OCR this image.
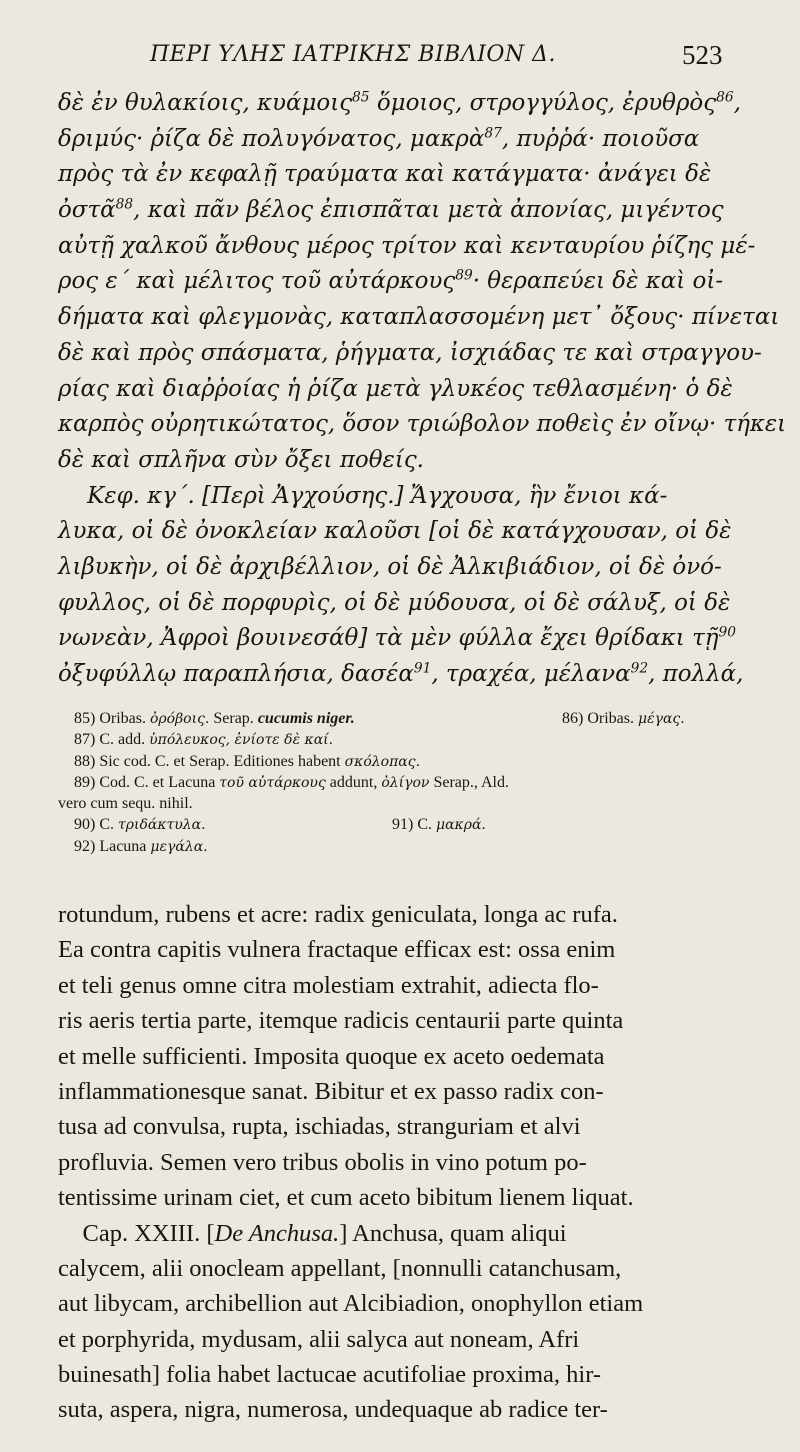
ΠΕΡΙ ΥΛΗΣ ΙΑΤΡΙΚΗΣ ΒΙΒΛΙΟΝ Δ.	523
δὲ ἐν θυλακίοις, κυάμοις$^{85}$ ὅμοιος, στρογγύλος, ἐρυθρὸς$^{86}$,
δριμύς· ῥίζα δὲ πολυγόνατος, μακρὰ$^{87}$, πυῤῥά· ποιοῦσα
πρὸς τὰ ἐν κεφαλῇ τραύματα καὶ κατάγματα· ἀνάγει δὲ
ὀστᾶ$^{88}$, καὶ πᾶν βέλος ἐπισπᾶται μετὰ ἀπονίας, μιγέντος
αὐτῇ χαλκοῦ ἄνθους μέρος τρίτον καὶ κενταυρίου ῥίζης μέ-
ρος ε´ καὶ μέλιτος τοῦ αὐτάρκους$^{89}$· θεραπεύει δὲ καὶ οἰ-
δήματα καὶ φλεγμονὰς, καταπλασσομένη μετ᾽ ὄξους· πίνεται
δὲ καὶ πρὸς σπάσματα, ῥήγματα, ἰσχιάδας τε καὶ στραγγου-
ρίας καὶ διαῤῥοίας ἡ ῥίζα μετὰ γλυκέος τεθλασμένη· ὁ δὲ
καρπὸς οὐρητικώτατος, ὅσον τριώβολον ποθεὶς ἐν οἴνῳ· τήκει
δὲ καὶ σπλῆνα σὺν ὄξει ποθείς.
Κεφ. κγ´. [Περὶ Ἀγχούσης.] Ἄγχουσα, ἣν ἔνιοι κά-
λυκα, οἱ δὲ ὀνοκλείαν καλοῦσι [οἱ δὲ κατάγχουσαν, οἱ δὲ
λιβυκὴν, οἱ δὲ ἀρχιβέλλιον, οἱ δὲ Ἀλκιβιάδιον, οἱ δὲ ὀνό-
φυλλος, οἱ δὲ πορφυρὶς, οἱ δὲ μύδουσα, οἱ δὲ σάλυξ, οἱ δὲ
νωνεὰν, Ἀφροὶ βουινεσάθ] τὰ μὲν φύλλα ἔχει θρίδακι τῇ$^{90}$
ὀξυφύλλῳ παραπλήσια, δασέα$^{91}$, τραχέα, μέλανα$^{92}$, πολλά,
85) Oribas. ὀρόβοις. Serap. cucumis niger.	86) Oribas. μέγας.
87) C. add. ὑπόλευκος, ἐνίοτε δὲ καί.
88) Sic cod. C. et Serap. Editiones habent σκόλοπας.
89) Cod. C. et Lacuna τοῦ αὐτάρκους addunt, ὀλίγον Serap., Ald.
vero cum sequ. nihil.
90) C. τριδάκτυλα.	91) C. μακρά.
92) Lacuna μεγάλα.
rotundum, rubens et acre: radix geniculata, longa ac rufa.
Ea contra capitis vulnera fractaque efficax est: ossa enim
et teli genus omne citra molestiam extrahit, adiecta flo-
ris aeris tertia parte, itemque radicis centaurii parte quinta
et melle sufficienti. Imposita quoque ex aceto oedemata
inflammationesque sanat. Bibitur et ex passo radix con-
tusa ad convulsa, rupta, ischiadas, stranguriam et alvi
profluvia. Semen vero tribus obolis in vino potum po-
tentissime urinam ciet, et cum aceto bibitum lienem liquat.
Cap. XXIII. [De Anchusa.] Anchusa, quam aliqui
calycem, alii onocleam appellant, [nonnulli catanchusam,
aut libycam, archibellion aut Alcibiadion, onophyllon etiam
et porphyrida, mydusam, alii salyca aut noneam, Afri
buinesath] folia habet lactucae acutifoliae proxima, hir-
suta, aspera, nigra, numerosa, undequaque ab radice ter-
